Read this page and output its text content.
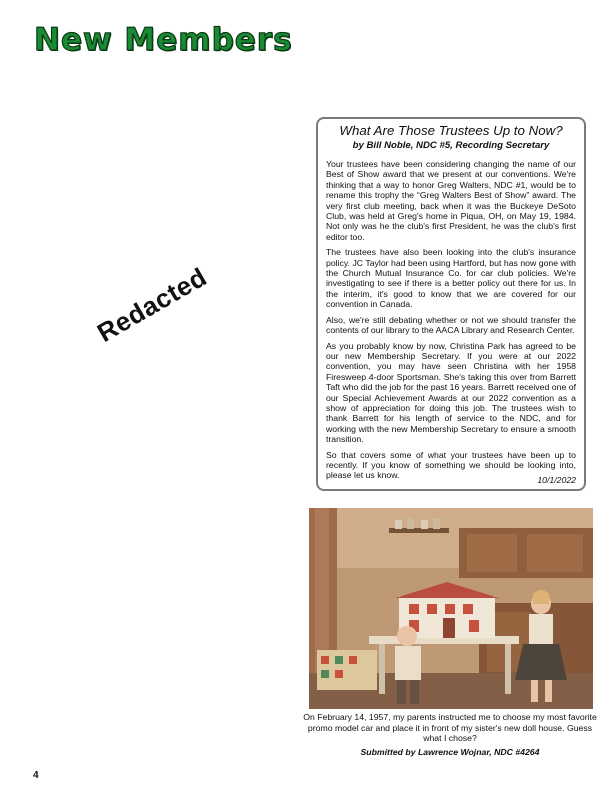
New Members
Redacted
What Are Those Trustees Up to Now?
by Bill Noble, NDC #5, Recording Secretary

Your trustees have been considering changing the name of our Best of Show award that we present at our conventions. We're thinking that a way to honor Greg Walters, NDC #1, would be to rename this trophy the “Greg Walters Best of Show” award. The very first club meeting, back when it was the Buckeye DeSoto Club, was held at Greg's home in Piqua, OH, on May 19, 1984. Not only was he the club's first President, he was the club's first editor too.

The trustees have also been looking into the club's insurance policy. JC Taylor had been using Hartford, but has now gone with the Church Mutual Insurance Co. for car club policies. We're investigating to see if there is a better policy out there for us. In the interim, it's good to know that we are covered for our convention in Canada.

Also, we're still debating whether or not we should transfer the contents of our library to the AACA Library and Research Center.

As you probably know by now, Christina Park has agreed to be our new Membership Secretary. If you were at our 2022 convention, you may have seen Christina with her 1958 Firesweep 4-door Sportsman. She's taking this over from Barrett Taft who did the job for the past 16 years. Barrett received one of our Special Achievement Awards at our 2022 convention as a show of appreciation for doing this job. The trustees wish to thank Barrett for his length of service to the NDC, and for working with the new Membership Secretary to ensure a smooth transition.

So that covers some of what your trustees have been up to recently. If you know of something we should be looking into, please let us know.	10/1/2022

On February 14, 1957, my parents instructed me to choose my most favorite promo model car and place it in front of my sister's new doll house. Guess what I chose?

Submitted by Lawrence Wojnar, NDC #4264

4
